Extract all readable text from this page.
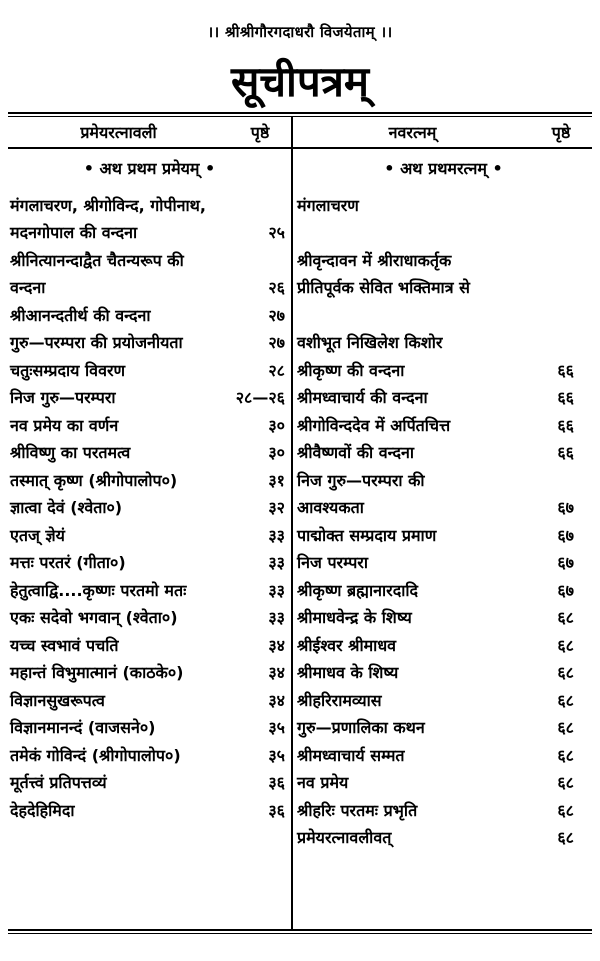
।। श्रीश्रीगौरगदाधरौ विजयेताम् ।।
सूचीपत्रम्
प्रमेयरत्नावली	पृष्ठे
• अथ प्रथम प्रमेयम् •
मंगलाचरण, श्रीगोविन्द, गोपीनाथ,
मदनगोपाल की वन्दना	२५
श्रीनित्यानन्दाद्वैत चैतन्यरूप की
वन्दना	२६
श्रीआनन्दतीर्थ की वन्दना	२७
गुरु—परम्परा की प्रयोजनीयता	२७
चतुःसम्प्रदाय विवरण	२८
निज गुरु—परम्परा	२८—२६
नव प्रमेय का वर्णन	३०
श्रीविष्णु का परतमत्व	३०
तस्मात् कृष्ण (श्रीगोपालोप०)	३१
ज्ञात्वा देवं (श्वेता०)	३२
एतज् ज्ञेयं	३३
मत्तः परतरं (गीता०)	३३
हेतुत्वाद्वि....कृष्णः परतमो मतः	३३
एकः सदेवो भगवान् (श्वेता०)	३३
यच्च स्वभावं पचति	३४
महान्तं विभुमात्मानं (काठके०)	३४
विज्ञानसुखरूपत्व	३४
विज्ञानमानन्दं (वाजसने०)	३५
तमेकं गोविन्दं (श्रीगोपालोप०)	३५
मूर्तत्त्वं प्रतिपत्तव्यं	३६
देहदेहिमिदा	३६
नवरत्नम्	पृष्ठे
• अथ प्रथमरत्नम् •
मंगलाचरण
श्रीवृन्दावन में श्रीराधाकर्तृक
प्रीतिपूर्वक सेवित भक्तिमात्र से
वशीभूत निखिलेश किशोर
श्रीकृष्ण की वन्दना	६६
श्रीमध्वाचार्य की वन्दना	६६
श्रीगोविन्ददेव में अर्पितचित्त	६६
श्रीवैष्णवों की वन्दना	६६
निज गुरु—परम्परा की
आवश्यकता	६७
पाद्मोक्त सम्प्रदाय प्रमाण	६७
निज परम्परा	६७
श्रीकृष्ण ब्रह्मानारदादि	६७
श्रीमाधवेन्द्र के शिष्य	६८
श्रीईश्वर श्रीमाधव	६८
श्रीमाधव के शिष्य	६८
श्रीहरिरामव्यास	६८
गुरु—प्रणालिका कथन	६८
श्रीमध्वाचार्य सम्मत	६८
नव प्रमेय	६८
श्रीहरिः परतमः प्रभृति	६८
प्रमेयरत्नावलीवत्	६८
